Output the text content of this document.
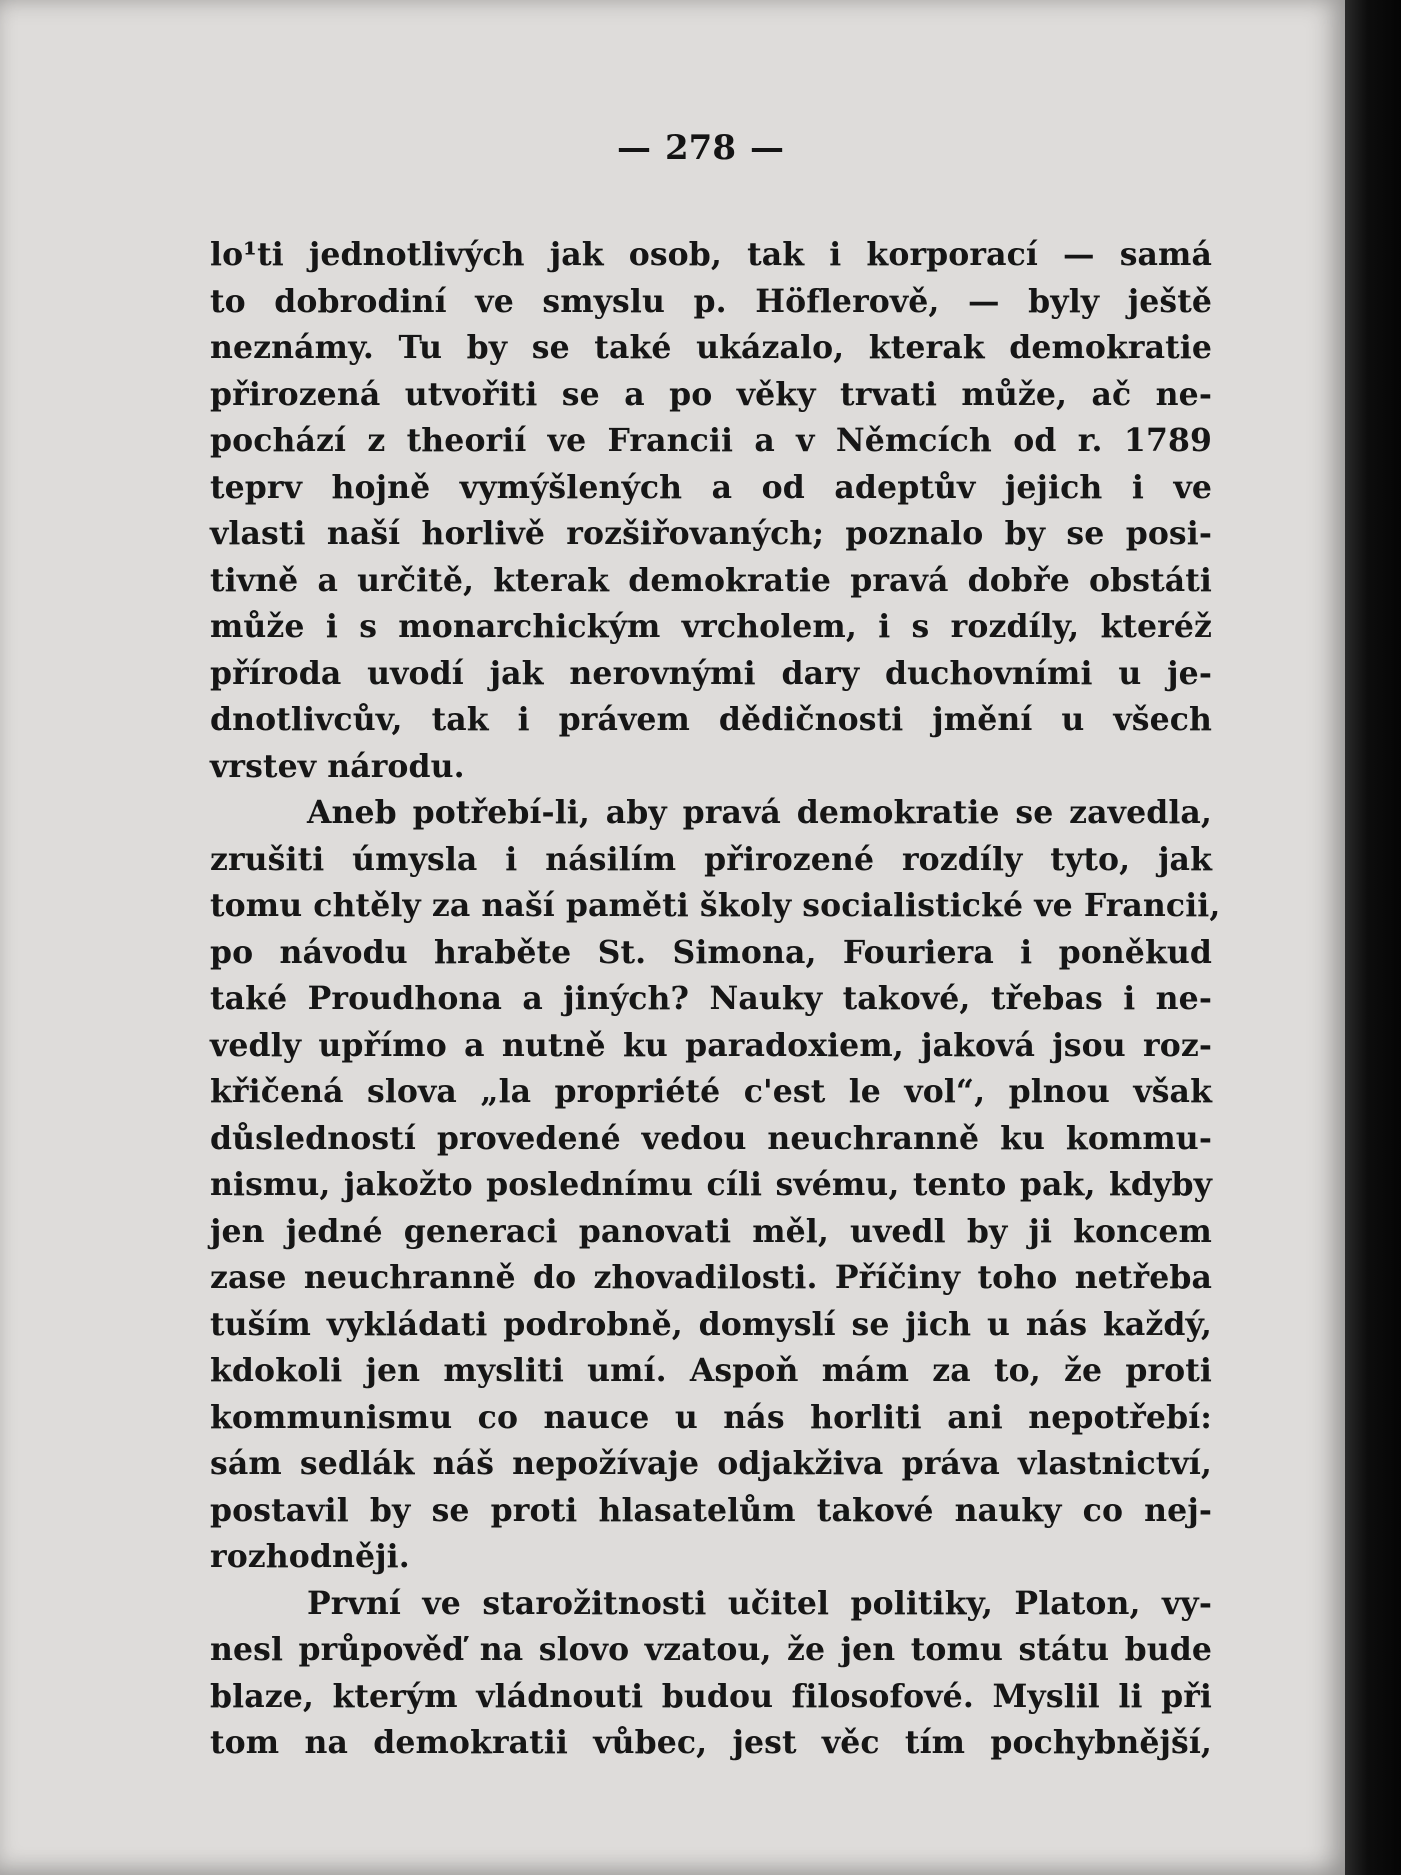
— 278 —
lo¹ti jednotlivých jak osob, tak i korporací — samá
to dobrodiní ve smyslu p. Höflerově, — byly ještě
neznámy. Tu by se také ukázalo, kterak demokratie
přirozená utvořiti se a po věky trvati může, ač ne-
pochází z theorií ve Francii a v Němcích od r. 1789
teprv hojně vymýšlených a od adeptův jejich i ve
vlasti naší horlivě rozšiřovaných; poznalo by se posi-
tivně a určitě, kterak demokratie pravá dobře obstáti
může i s monarchickým vrcholem, i s rozdíly, kteréž
příroda uvodí jak nerovnými dary duchovními u je-
dnotlivcův, tak i právem dědičnosti jmění u všech
vrstev národu.
Aneb potřebí-li, aby pravá demokratie se zavedla,
zrušiti úmysla i násilím přirozené rozdíly tyto, jak
tomu chtěly za naší paměti školy socialistické ve Francii,
po návodu hraběte St. Simona, Fouriera i poněkud
také Proudhona a jiných? Nauky takové, třebas i ne-
vedly upřímo a nutně ku paradoxiem, jaková jsou roz-
křičená slova „la propriété c'est le vol“, plnou však
důsledností provedené vedou neuchranně ku kommu-
nismu, jakožto poslednímu cíli svému, tento pak, kdyby
jen jedné generaci panovati měl, uvedl by ji koncem
zase neuchranně do zhovadilosti. Příčiny toho netřeba
tuším vykládati podrobně, domyslí se jich u nás každý,
kdokoli jen mysliti umí. Aspoň mám za to, že proti
kommunismu co nauce u nás horliti ani nepotřebí:
sám sedlák náš nepožívaje odjakživa práva vlastnictví,
postavil by se proti hlasatelům takové nauky co nej-
rozhodněji.
První ve starožitnosti učitel politiky, Platon, vy-
nesl průpověď na slovo vzatou, že jen tomu státu bude
blaze, kterým vládnouti budou filosofové. Myslil li při
tom na demokratii vůbec, jest věc tím pochybnější,
